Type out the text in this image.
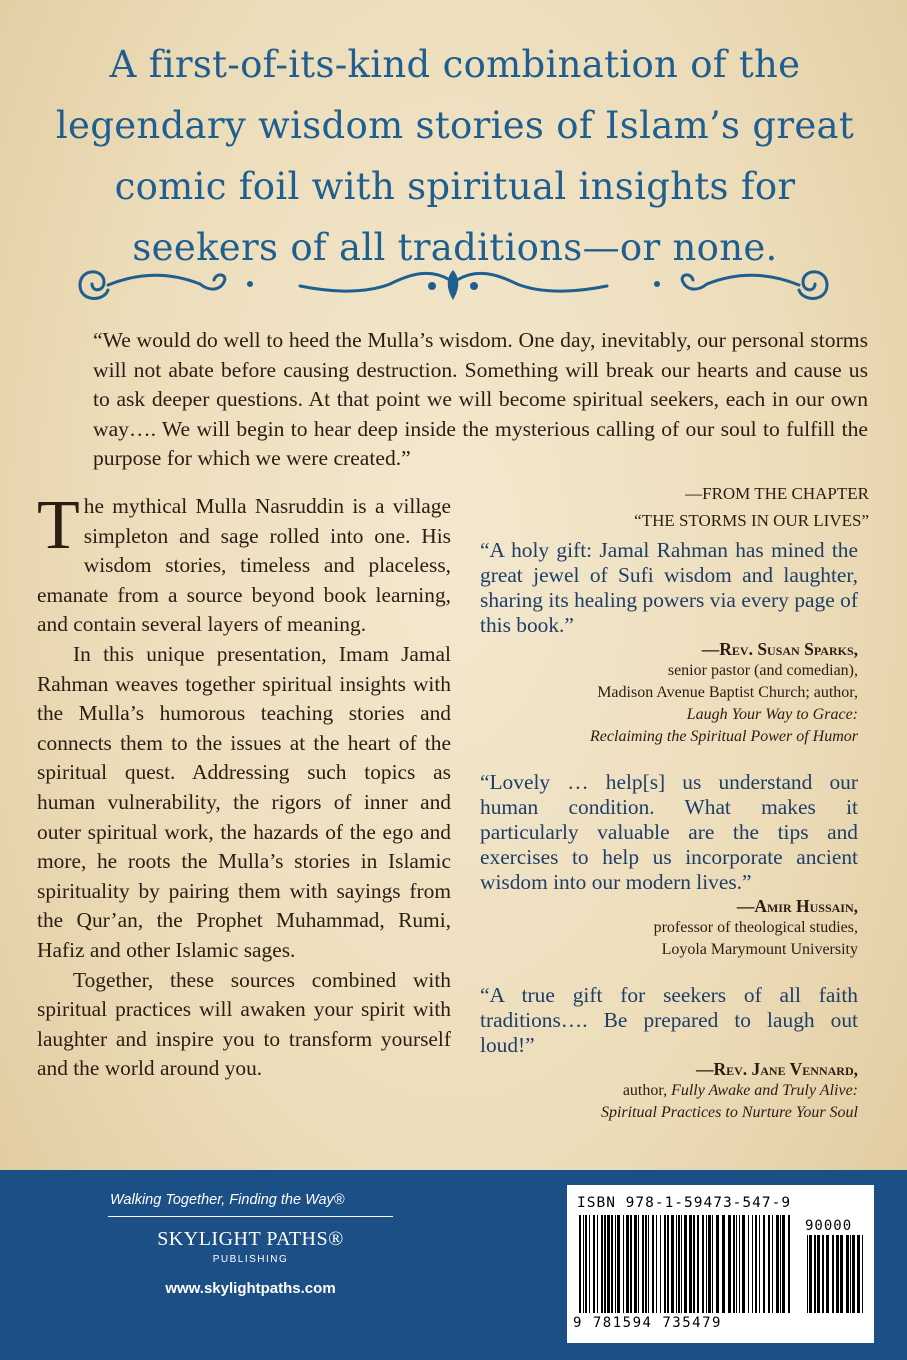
A first-of-its-kind combination of the legendary wisdom stories of Islam’s great comic foil with spiritual insights for seekers of all traditions—or none.
“We would do well to heed the Mulla’s wisdom. One day, inevitably, our personal storms will not abate before causing destruction. Something will break our hearts and cause us to ask deeper questions. At that point we will become spiritual seekers, each in our own way…. We will begin to hear deep inside the mysterious calling of our soul to fulfill the purpose for which we were created.”
—FROM THE CHAPTER
“THE STORMS IN OUR LIVES”

The mythical Mulla Nasruddin is a village simpleton and sage rolled into one. His wisdom stories, timeless and placeless, emanate from a source beyond book learning, and contain several layers of meaning.

In this unique presentation, Imam Jamal Rahman weaves together spiritual insights with the Mulla’s humorous teaching stories and connects them to the issues at the heart of the spiritual quest. Addressing such topics as human vulnerability, the rigors of inner and outer spiritual work, the hazards of the ego and more, he roots the Mulla’s stories in Islamic spirituality by pairing them with sayings from the Qur’an, the Prophet Muhammad, Rumi, Hafiz and other Islamic sages.

Together, these sources combined with spiritual practices will awaken your spirit with laughter and inspire you to transform yourself and the world around you.

“A holy gift: Jamal Rahman has mined the great jewel of Sufi wisdom and laughter, sharing its healing powers via every page of this book.”
—Rev. Susan Sparks,
senior pastor (and comedian),
Madison Avenue Baptist Church; author,
Laugh Your Way to Grace:
Reclaiming the Spiritual Power of Humor
“Lovely … help[s] us understand our human condition. What makes it particularly valuable are the tips and exercises to help us incorporate ancient wisdom into our modern lives.”
—Amir Hussain,
professor of theological studies,
Loyola Marymount University
“A true gift for seekers of all faith traditions…. Be prepared to laugh out loud!”
—Rev. Jane Vennard,
author, Fully Awake and Truly Alive:
Spiritual Practices to Nurture Your Soul
Walking Together, Finding the Way®
SKYLIGHT PATHS®
PUBLISHING
www.skylightpaths.com
ISBN 978-1-59473-547-9
90000
9 781594 735479
